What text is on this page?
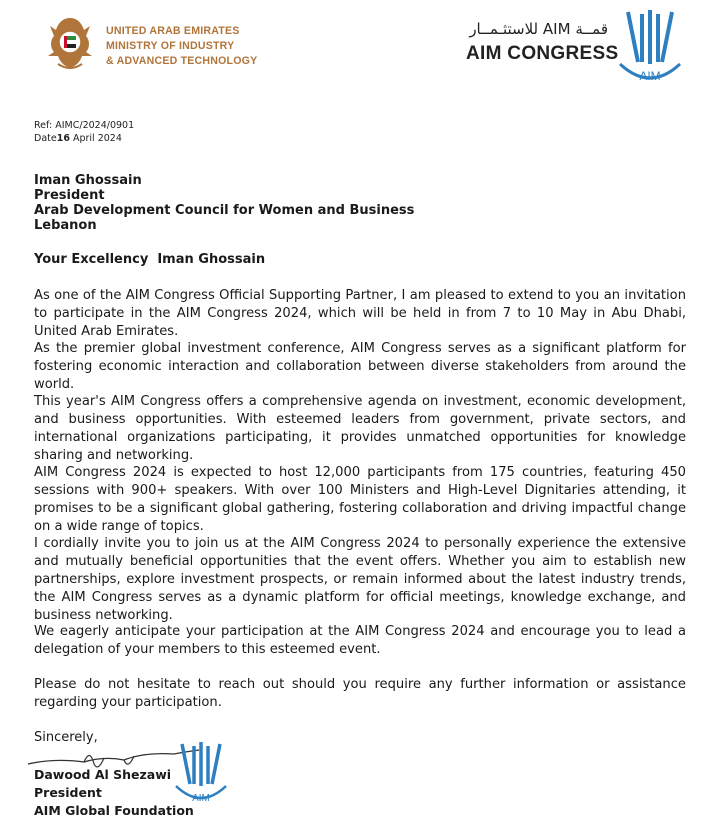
UNITED ARAB EMIRATES
MINISTRY OF INDUSTRY
& ADVANCED TECHNOLOGY
قمــة AIM للاستثـمــار
AIM CONGRESS
AIM
Ref: AIMC/2024/0901
Date16 April 2024
Iman Ghossain
President
Arab Development Council for Women and Business
Lebanon
Your Excellency  Iman Ghossain
As one of the AIM Congress Official Supporting Partner, I am pleased to extend to you an invitation to participate in the AIM Congress 2024, which will be held in from 7 to 10 May in Abu Dhabi, United Arab Emirates.
As the premier global investment conference, AIM Congress serves as a significant platform for fostering economic interaction and collaboration between diverse stakeholders from around the world.
This year's AIM Congress offers a comprehensive agenda on investment, economic development, and business opportunities. With esteemed leaders from government, private sectors, and international organizations participating, it provides unmatched opportunities for knowledge sharing and networking.
AIM Congress 2024 is expected to host 12,000 participants from 175 countries, featuring 450 sessions with 900+ speakers. With over 100 Ministers and High-Level Dignitaries attending, it promises to be a significant global gathering, fostering collaboration and driving impactful change on a wide range of topics.
I cordially invite you to join us at the AIM Congress 2024 to personally experience the extensive and mutually beneficial opportunities that the event offers. Whether you aim to establish new partnerships, explore investment prospects, or remain informed about the latest industry trends, the AIM Congress serves as a dynamic platform for official meetings, knowledge exchange, and business networking.
We eagerly anticipate your participation at the AIM Congress 2024 and encourage you to lead a delegation of your members to this esteemed event.
Please do not hesitate to reach out should you require any further information or assistance regarding your participation.
Sincerely,
AIM
Dawood Al Shezawi
President
AIM Global Foundation
